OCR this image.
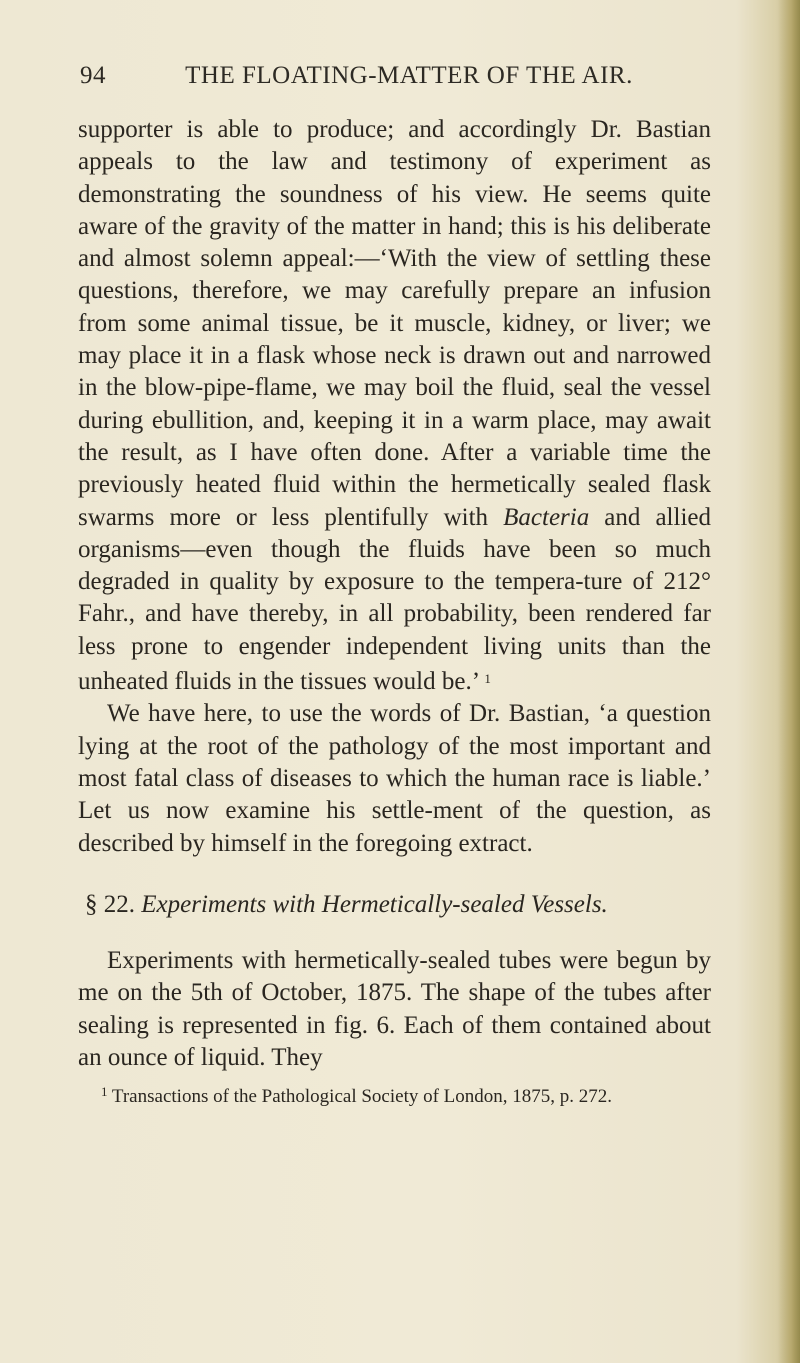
94	THE FLOATING-MATTER OF THE AIR.

supporter is able to produce; and accordingly Dr. Bastian appeals to the law and testimony of experiment as demonstrating the soundness of his view. He seems quite aware of the gravity of the matter in hand; this is his deliberate and almost solemn appeal:—‘With the view of settling these questions, therefore, we may carefully prepare an infusion from some animal tissue, be it muscle, kidney, or liver; we may place it in a flask whose neck is drawn out and narrowed in the blow-pipe-flame, we may boil the fluid, seal the vessel during ebullition, and, keeping it in a warm place, may await the result, as I have often done. After a variable time the previously heated fluid within the hermetically sealed flask swarms more or less plentifully with Bacteria and allied organisms—even though the fluids have been so much degraded in quality by exposure to the tempera-ture of 212° Fahr., and have thereby, in all probability, been rendered far less prone to engender independent living units than the unheated fluids in the tissues would be.’ $^1$

We have here, to use the words of Dr. Bastian, ‘a question lying at the root of the pathology of the most important and most fatal class of diseases to which the human race is liable.’ Let us now examine his settle-ment of the question, as described by himself in the foregoing extract.

§ 22. Experiments with Hermetically-sealed Vessels.

Experiments with hermetically-sealed tubes were begun by me on the 5th of October, 1875. The shape of the tubes after sealing is represented in fig. 6. Each of them contained about an ounce of liquid. They

$^1$ Transactions of the Pathological Society of London, 1875, p. 272.
